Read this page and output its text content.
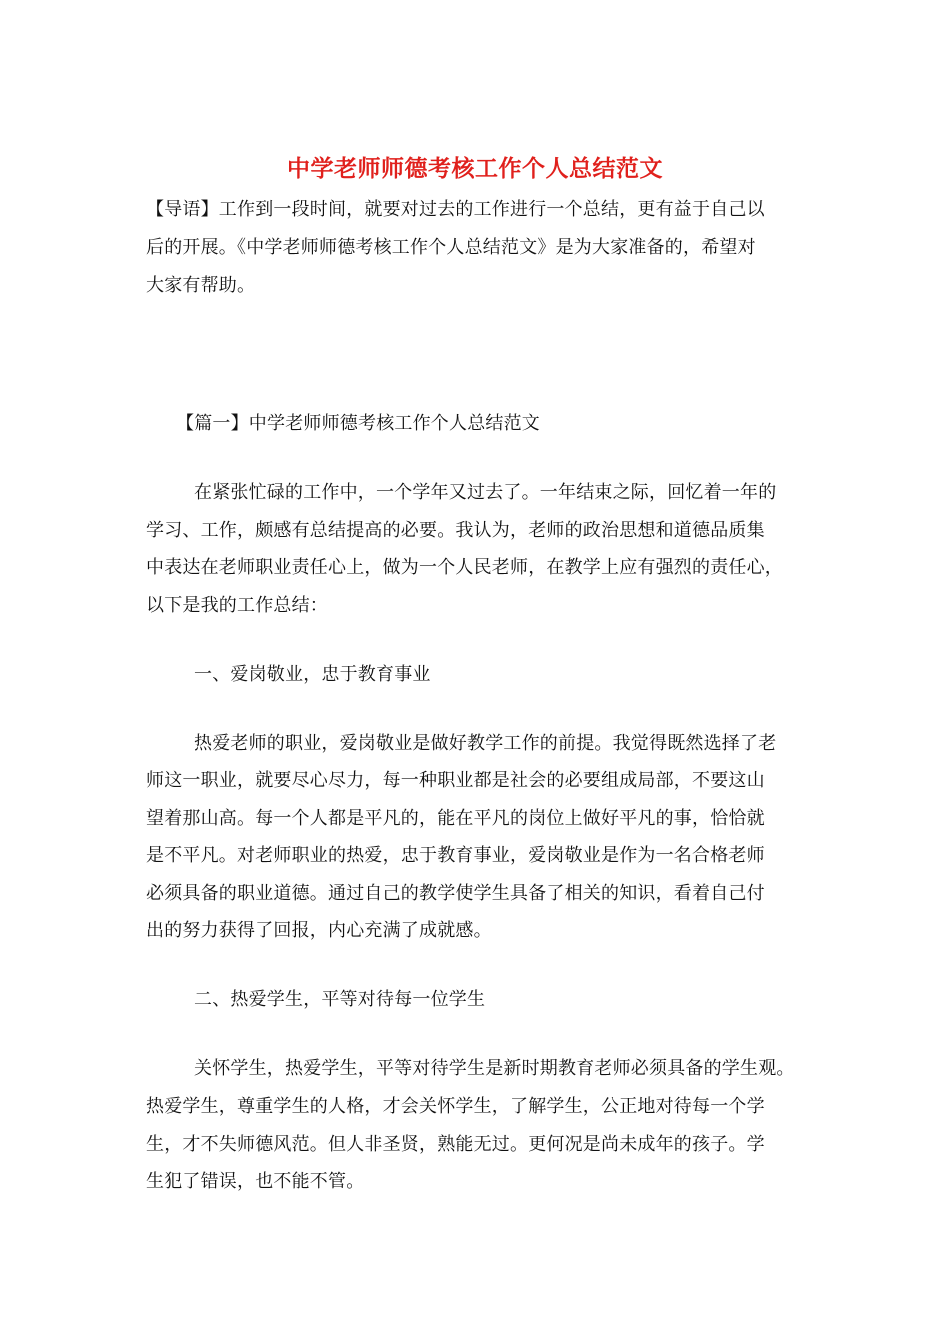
中学老师师德考核工作个人总结范文
【导语】工作到一段时间，就要对过去的工作进行一个总结，更有益于自己以
后的开展。《中学老师师德考核工作个人总结范文》是为大家准备的，希望对
大家有帮助。
【篇一】中学老师师德考核工作个人总结范文
在紧张忙碌的工作中，一个学年又过去了。一年结束之际，回忆着一年的
学习、工作，颇感有总结提高的必要。我认为，老师的政治思想和道德品质集
中表达在老师职业责任心上，做为一个人民老师，在教学上应有强烈的责任心，
以下是我的工作总结：
一、爱岗敬业，忠于教育事业
热爱老师的职业，爱岗敬业是做好教学工作的前提。我觉得既然选择了老
师这一职业，就要尽心尽力，每一种职业都是社会的必要组成局部，不要这山
望着那山高。每一个人都是平凡的，能在平凡的岗位上做好平凡的事，恰恰就
是不平凡。对老师职业的热爱，忠于教育事业，爱岗敬业是作为一名合格老师
必须具备的职业道德。通过自己的教学使学生具备了相关的知识，看着自己付
出的努力获得了回报，内心充满了成就感。
二、热爱学生，平等对待每一位学生
关怀学生，热爱学生，平等对待学生是新时期教育老师必须具备的学生观。
热爱学生，尊重学生的人格，才会关怀学生，了解学生，公正地对待每一个学
生，才不失师德风范。但人非圣贤，熟能无过。更何况是尚未成年的孩子。学
生犯了错误，也不能不管。
